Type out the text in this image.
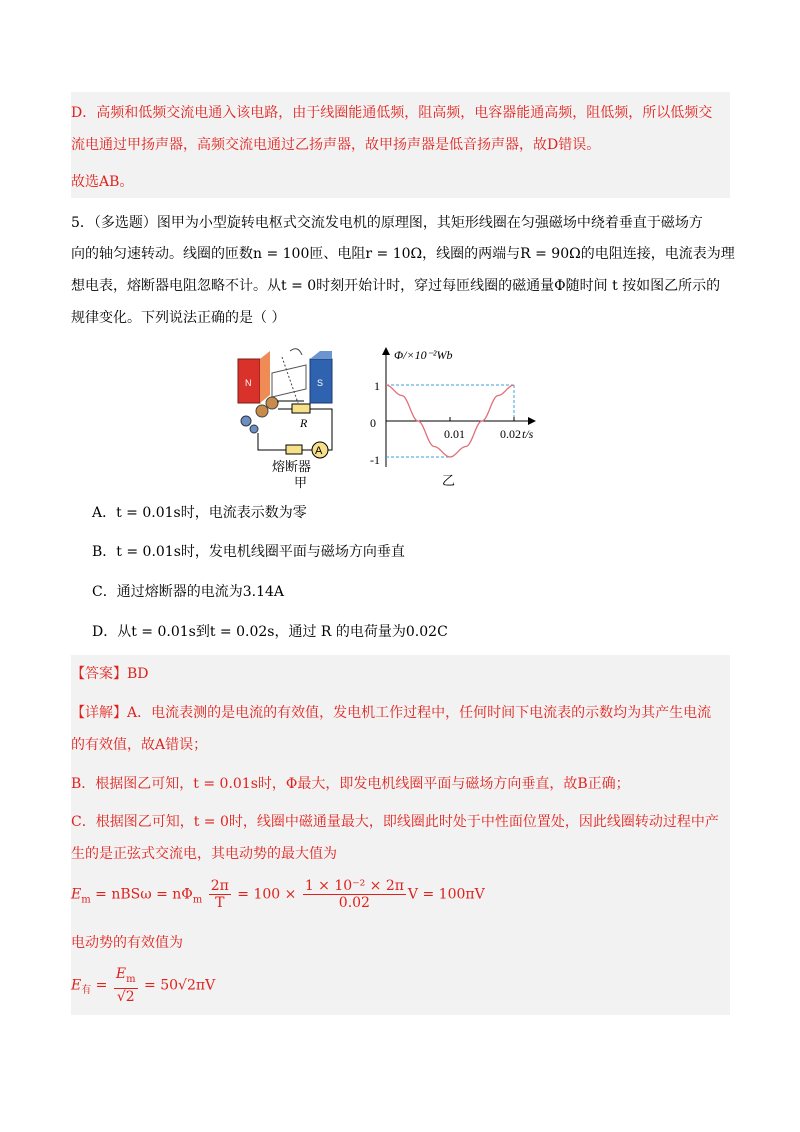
D．高频和低频交流电通入该电路，由于线圈能通低频，阻高频，电容器能通高频，阻低频，所以低频交
流电通过甲扬声器，高频交流电通过乙扬声器，故甲扬声器是低音扬声器，故D错误。
故选AB。
5．（多选题）图甲为小型旋转电枢式交流发电机的原理图，其矩形线圈在匀强磁场中绕着垂直于磁场方
向的轴匀速转动。线圈的匝数n = 100匝、电阻r = 10Ω，线圈的两端与R = 90Ω的电阻连接，电流表为理
想电表，熔断器电阻忽略不计。从t = 0时刻开始计时，穿过每匝线圈的磁通量Φ随时间 t 按如图乙所示的
规律变化。下列说法正确的是（ ）
N	S
R
A
熔断器
甲
Φ/×10⁻²Wb
1
0
-1
0.01	0.02 t/s
乙
A．t = 0.01s时，电流表示数为零
B．t = 0.01s时，发电机线圈平面与磁场方向垂直
C．通过熔断器的电流为3.14A
D．从t = 0.01s到t = 0.02s，通过 R 的电荷量为0.02C
【答案】BD
【详解】A．电流表测的是电流的有效值，发电机工作过程中，任何时间下电流表的示数均为其产生电流
的有效值，故A错误；
B．根据图乙可知，t = 0.01s时，Φ最大，即发电机线圈平面与磁场方向垂直，故B正确；
C．根据图乙可知，t = 0时，线圈中磁通量最大，即线圈此时处于中性面位置处，因此线圈转动过程中产
生的是正弦式交流电，其电动势的最大值为
$E_m = nBS\omega = n\Phi_m \frac{2\pi}{T} = 100 \times \frac{\text{1 × 10⁻² × 2π}}{0.02}$ V = 100πV
电动势的有效值为
$E_有 = \frac{E_m}{√2} = 50√2\pi V$
